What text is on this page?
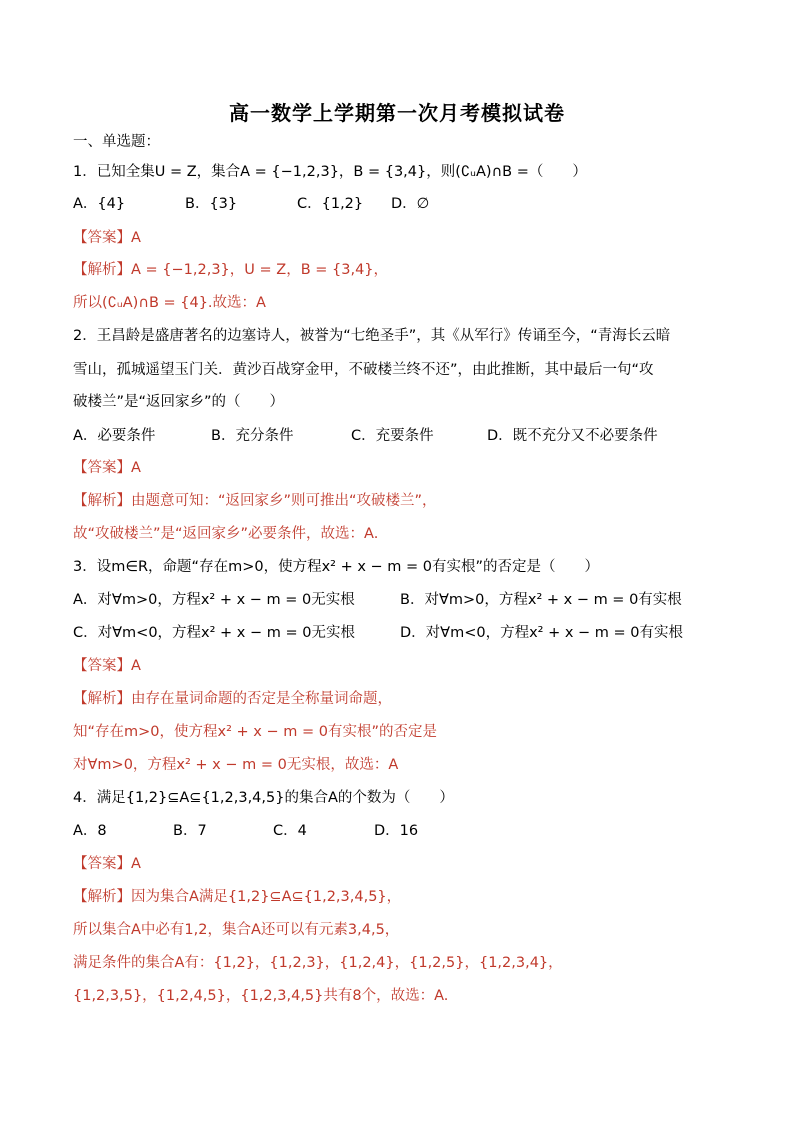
高一数学上学期第一次月考模拟试卷
一、单选题：
1．已知全集U = Z，集合A = {−1,2,3}，B = {3,4}，则(∁ᵤA)∩B =（　　）
A．{4}	B．{3}	C．{1,2} D．∅
【答案】A
【解析】A = {−1,2,3}，U = Z，B = {3,4}，
所以(∁ᵤA)∩B = {4}.故选：A
2．王昌龄是盛唐著名的边塞诗人，被誉为“七绝圣手”，其《从军行》传诵至今，“青海长云暗
雪山，孤城遥望玉门关．黄沙百战穿金甲，不破楼兰终不还”，由此推断，其中最后一句“攻
破楼兰”是“返回家乡”的（　　）
A．必要条件	B．充分条件	C．充要条件	D．既不充分又不必要条件
【答案】A
【解析】由题意可知：“返回家乡”则可推出“攻破楼兰”，
故“攻破楼兰”是“返回家乡”必要条件，故选：A.
3．设m∈R，命题“存在m>0，使方程x² + x − m = 0有实根”的否定是（　　）
A．对∀m>0，方程x² + x − m = 0无实根	B．对∀m>0，方程x² + x − m = 0有实根
C．对∀m<0，方程x² + x − m = 0无实根	D．对∀m<0，方程x² + x − m = 0有实根
【答案】A
【解析】由存在量词命题的否定是全称量词命题，
知“存在m>0，使方程x² + x − m = 0有实根”的否定是
对∀m>0，方程x² + x − m = 0无实根，故选：A
4．满足{1,2}⊆A⊆{1,2,3,4,5}的集合A的个数为（　　）
A．8	B．7	C．4	D．16
【答案】A
【解析】因为集合A满足{1,2}⊆A⊆{1,2,3,4,5}，
所以集合A中必有1,2，集合A还可以有元素3,4,5，
满足条件的集合A有：{1,2}，{1,2,3}，{1,2,4}，{1,2,5}，{1,2,3,4}，
{1,2,3,5}，{1,2,4,5}，{1,2,3,4,5}共有8个，故选：A.
